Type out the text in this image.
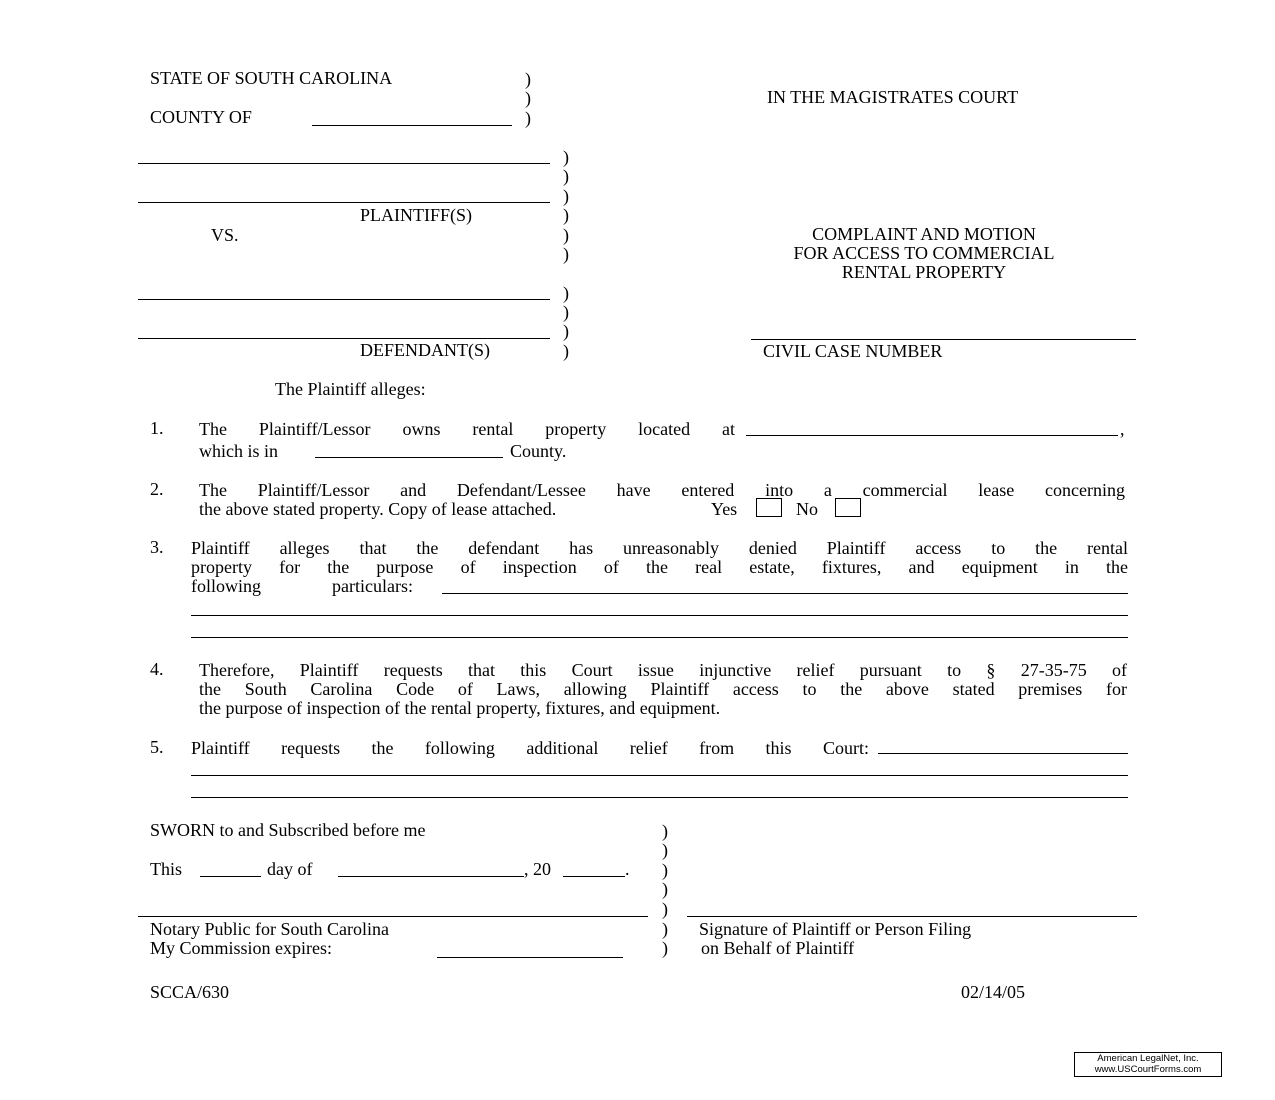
STATE OF SOUTH CAROLINA
COUNTY OF
)
)
)
IN THE MAGISTRATES COURT
PLAINTIFF(S)
VS.
DEFENDANT(S)
)
)
)
)
)
)
)
)
)
)
COMPLAINT AND MOTION
FOR ACCESS TO COMMERCIAL
RENTAL PROPERTY
CIVIL CASE NUMBER
The Plaintiff alleges:
1. The Plaintiff/Lessor owns rental property located at	,
which is in	County.
2. The Plaintiff/Lessor and Defendant/Lessee have entered into a commercial lease concerning
the above stated property. Copy of lease attached.	Yes	No
3. Plaintiff alleges that the defendant has unreasonably denied Plaintiff access to the rental
property for the purpose of inspection of the real estate, fixtures, and equipment in the
following particulars:
4. Therefore, Plaintiff requests that this Court issue injunctive relief pursuant to § 27-35-75 of
the South Carolina Code of Laws, allowing Plaintiff access to the above stated premises for
the purpose of inspection of the rental property, fixtures, and equipment.
5. Plaintiff requests the following additional relief from this Court:
SWORN to and Subscribed before me
This	day of	, 20	.
Notary Public for South Carolina
My Commission expires:
)
)
)
)
)
)
)
Signature of Plaintiff or Person Filing
on Behalf of Plaintiff
SCCA/630	02/14/05
American LegalNet, Inc.
www.USCourtForms.com
